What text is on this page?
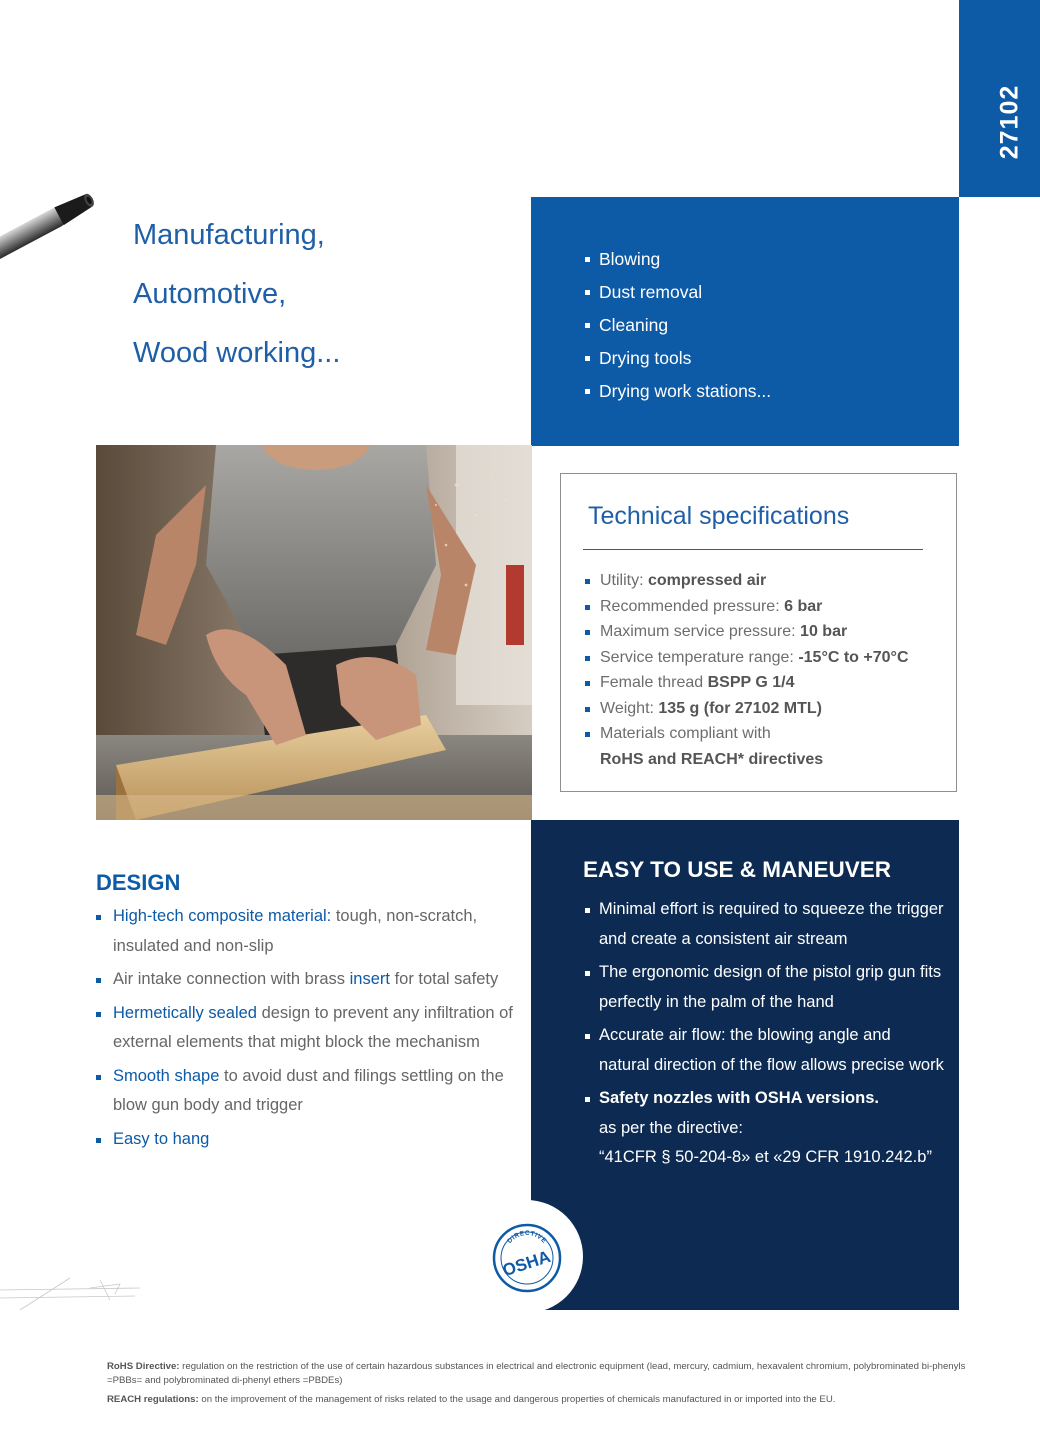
27102
Manufacturing,
Automotive,
Wood working...
Blowing
Dust removal
Cleaning
Drying tools
Drying work stations...
Technical specifications
Utility: compressed air
Recommended pressure: 6 bar
Maximum service pressure: 10 bar
Service temperature range: -15°C to +70°C
Female thread BSPP G 1/4
Weight: 135 g (for 27102 MTL)
Materials compliant with
RoHS and REACH* directives
DESIGN
High-tech composite material: tough, non-scratch, insulated and non-slip
Air intake connection with brass insert for total safety
Hermetically sealed design to prevent any infiltration of external elements that might block the mechanism
Smooth shape to avoid dust and filings settling on the blow gun body and trigger
Easy to hang
EASY TO USE & MANEUVER
Minimal effort is required to squeeze the trigger and create a consistent air stream
The ergonomic design of the pistol grip gun fits perfectly in the palm of the hand
Accurate air flow: the blowing angle and natural direction of the flow allows precise work
Safety nozzles with OSHA versions.
as per the directive:
“41CFR § 50-204-8» et «29 CFR 1910.242.b”
DIRECTIVE
OSHA

RoHS Directive: regulation on the restriction of the use of certain hazardous substances in electrical and electronic equipment (lead, mercury, cadmium, hexavalent chromium, polybrominated bi-phenyls =PBBs= and polybrominated di-phenyl ethers =PBDEs)

REACH regulations: on the improvement of the management of risks related to the usage and dangerous properties of chemicals manufactured in or imported into the EU.
